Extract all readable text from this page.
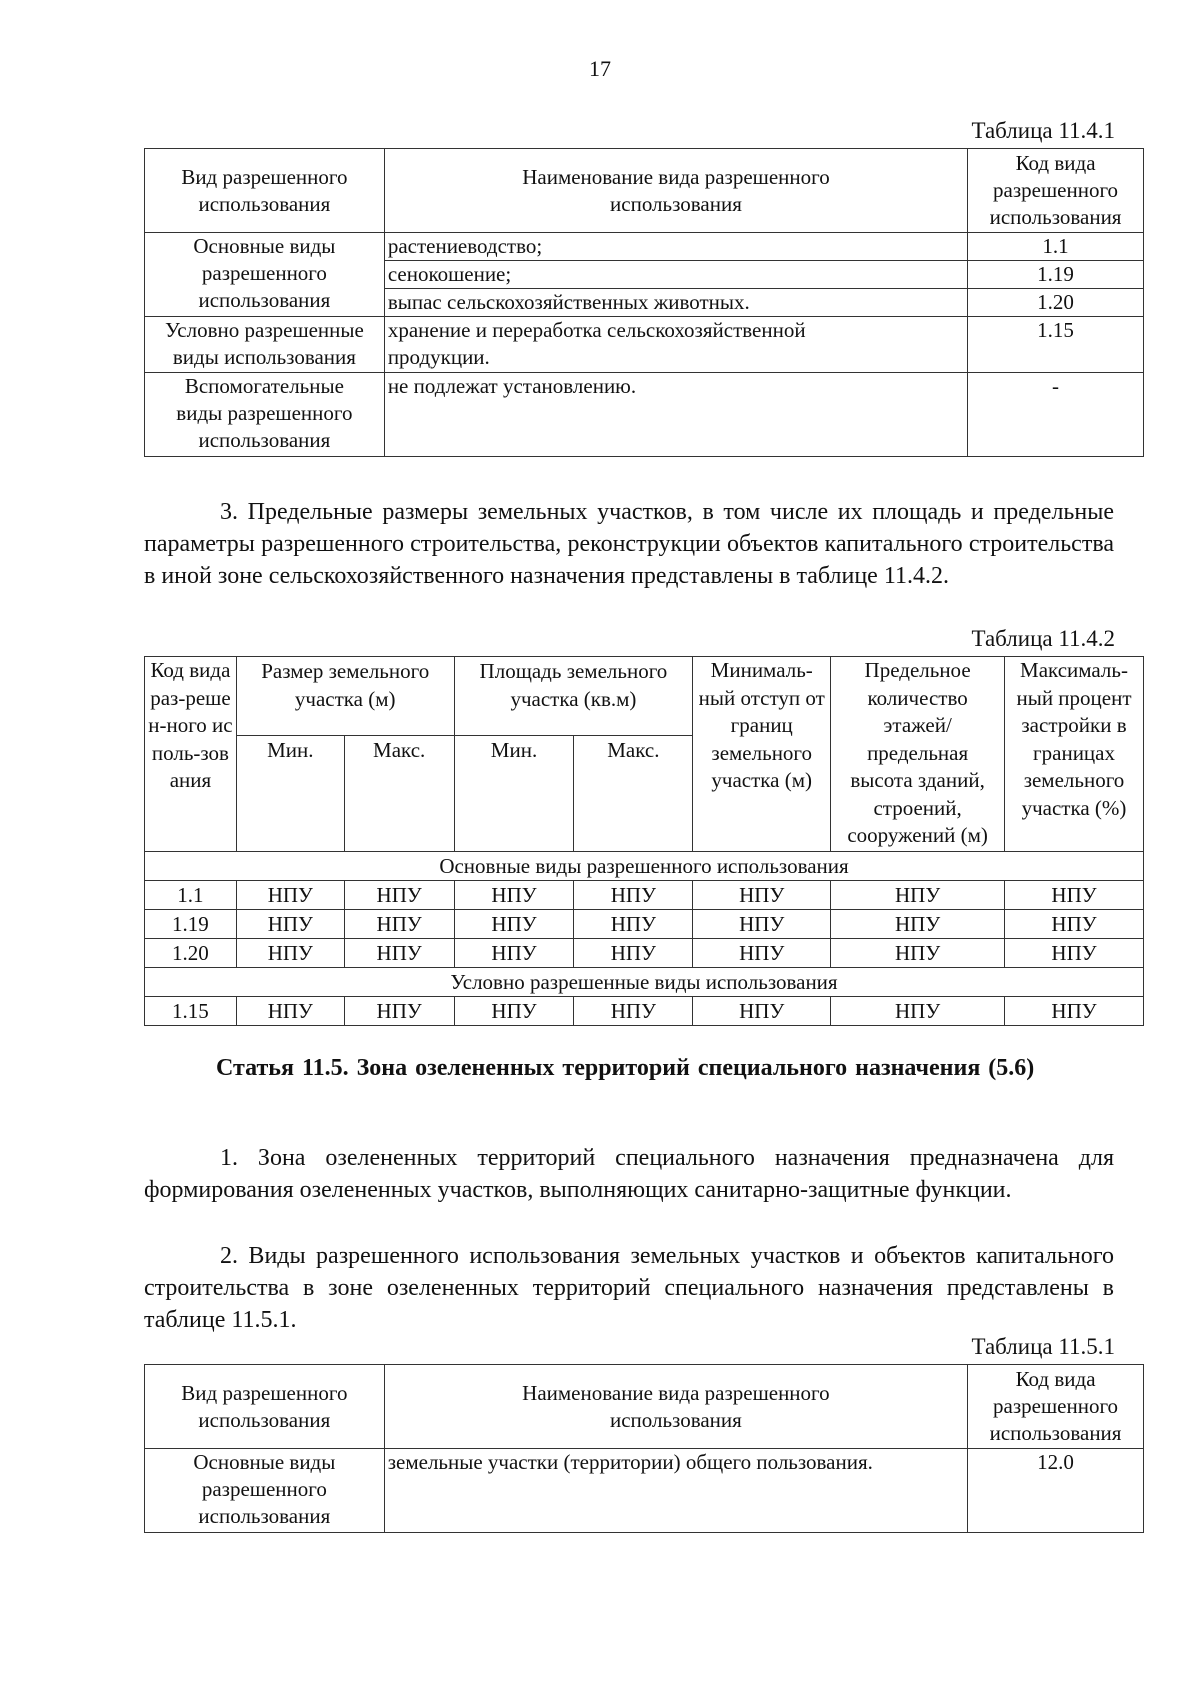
17
Таблица 11.4.1
Вид разрешенного использования	Наименование вида разрешенного использования	Код вида разрешенного использования
Основные виды разрешенного использования	растениеводство;	1.1
	сенокошение;	1.19
	выпас сельскохозяйственных животных.	1.20
Условно разрешенные виды использования	хранение и переработка сельскохозяйственной продукции.	1.15
Вспомогательные виды разрешенного использования	не подлежат установлению.	-

3. Предельные размеры земельных участков, в том числе их площадь и предельные параметры разрешенного строительства, реконструкции объектов капитального строительства в иной зоне сельскохозяйственного назначения представлены в таблице 11.4.2.

Таблица 11.4.2
Код вида раз-решен-ного исполь-зования	Размер земельного участка (м)		Площадь земельного участка (кв.м)		Минималь-ный отступ от границ земельного участка (м)	Предельное количество этажей/ предельная высота зданий, строений, сооружений (м)	Максималь-ный процент застройки в границах земельного участка (%)
	Мин.	Макс.	Мин.	Макс.			
Основные виды разрешенного использования							
1.1	НПУ	НПУ	НПУ	НПУ	НПУ	НПУ	НПУ
1.19	НПУ	НПУ	НПУ	НПУ	НПУ	НПУ	НПУ
1.20	НПУ	НПУ	НПУ	НПУ	НПУ	НПУ	НПУ
Условно разрешенные виды использования							
1.15	НПУ	НПУ	НПУ	НПУ	НПУ	НПУ	НПУ

Статья 11.5. Зона озелененных территорий специального назначения (5.6)

1. Зона озелененных территорий специального назначения предназначена для формирования озелененных участков, выполняющих санитарно-защитные функции.

2. Виды разрешенного использования земельных участков и объектов капитального строительства в зоне озелененных территорий специального назначения представлены в таблице 11.5.1.

Таблица 11.5.1
Вид разрешенного использования	Наименование вида разрешенного использования	Код вида разрешенного использования
Основные виды разрешенного использования	земельные участки (территории) общего пользования.	12.0
